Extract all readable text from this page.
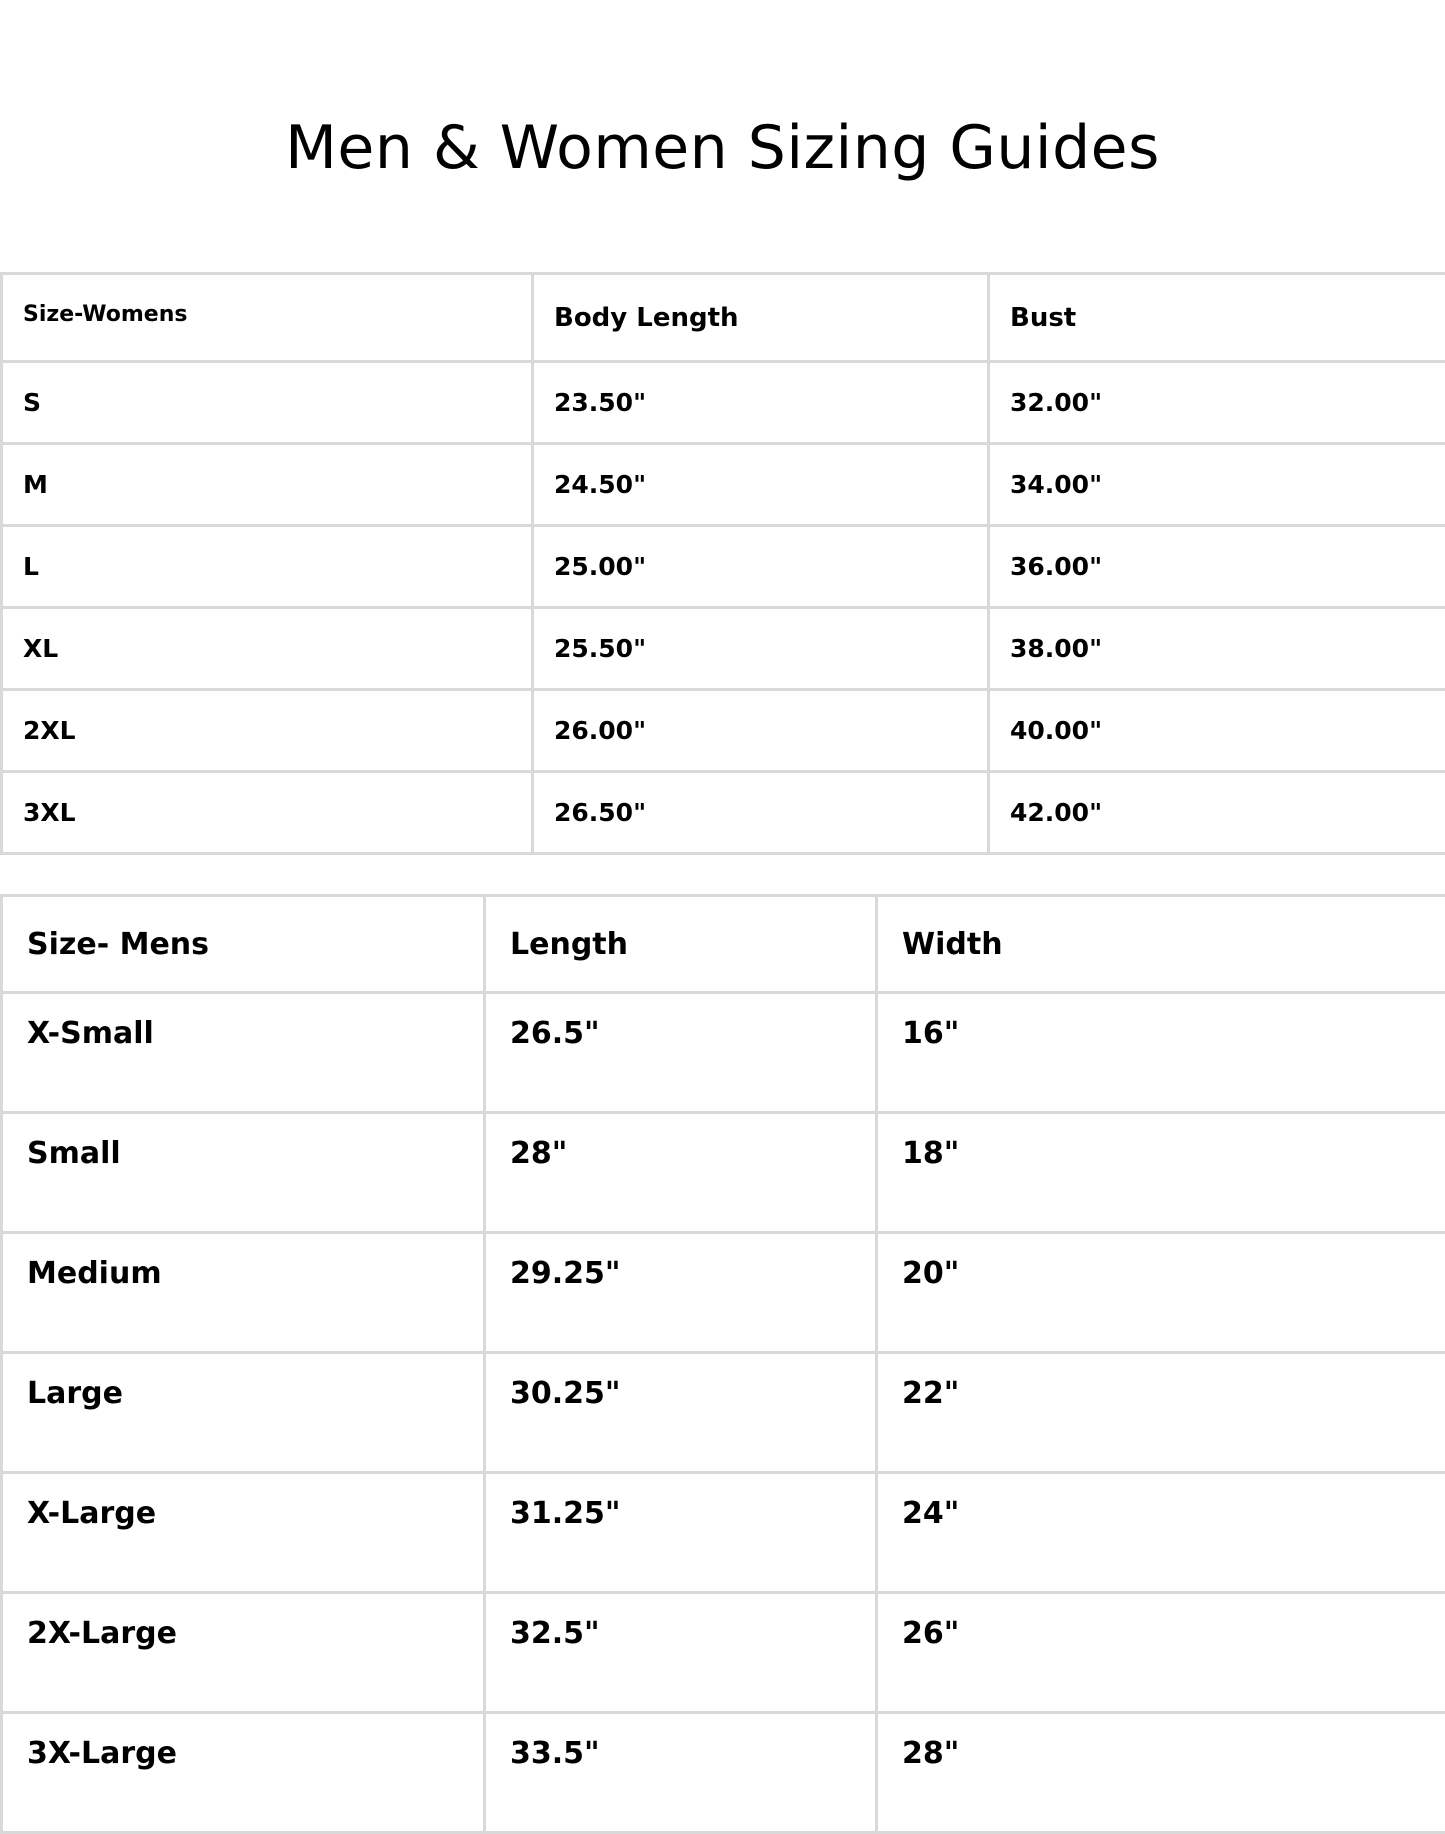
Men & Women Sizing Guides
Size-Womens	Body Length	Bust
S	23.50"	32.00"
M	24.50"	34.00"
L	25.00"	36.00"
XL	25.50"	38.00"
2XL	26.00"	40.00"
3XL	26.50"	42.00"
Size- Mens	Length	Width
X-Small	26.5"	16"
Small	28"	18"
Medium	29.25"	20"
Large	30.25"	22"
X-Large	31.25"	24"
2X-Large	32.5"	26"
3X-Large	33.5"	28"
